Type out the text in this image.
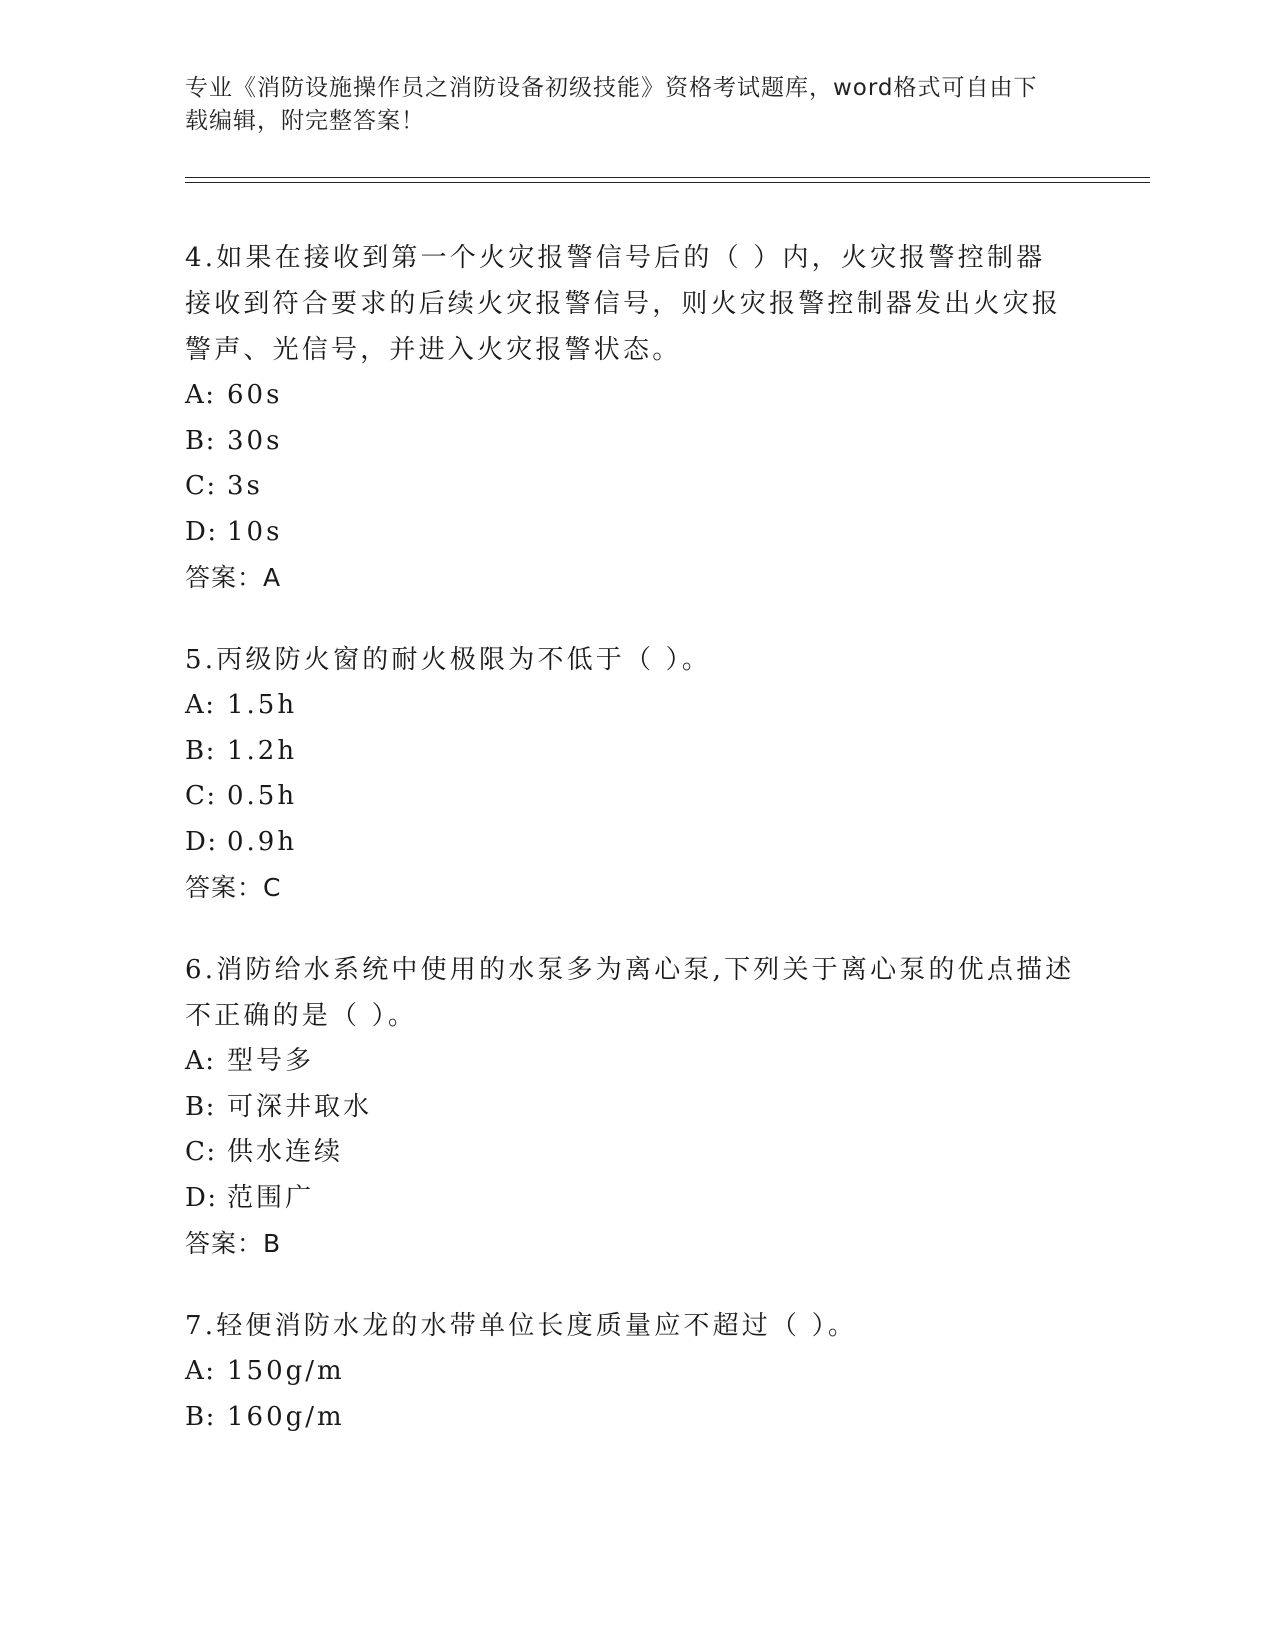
专业《消防设施操作员之消防设备初级技能》资格考试题库，word格式可自由下
载编辑，附完整答案！

4.如果在接收到第一个火灾报警信号后的（ ）内，火灾报警控制器
接收到符合要求的后续火灾报警信号，则火灾报警控制器发出火灾报
警声、光信号，并进入火灾报警状态。

A: 60s

B: 30s

C: 3s

D: 10s

答案：A

5.丙级防火窗的耐火极限为不低于（ ）。

A: 1.5h

B: 1.2h

C: 0.5h

D: 0.9h

答案：C

6.消防给水系统中使用的水泵多为离心泵,下列关于离心泵的优点描述
不正确的是（ ）。

A: 型号多

B: 可深井取水

C: 供水连续

D: 范围广

答案：B

7.轻便消防水龙的水带单位长度质量应不超过（ ）。

A: 150g/m

B: 160g/m
